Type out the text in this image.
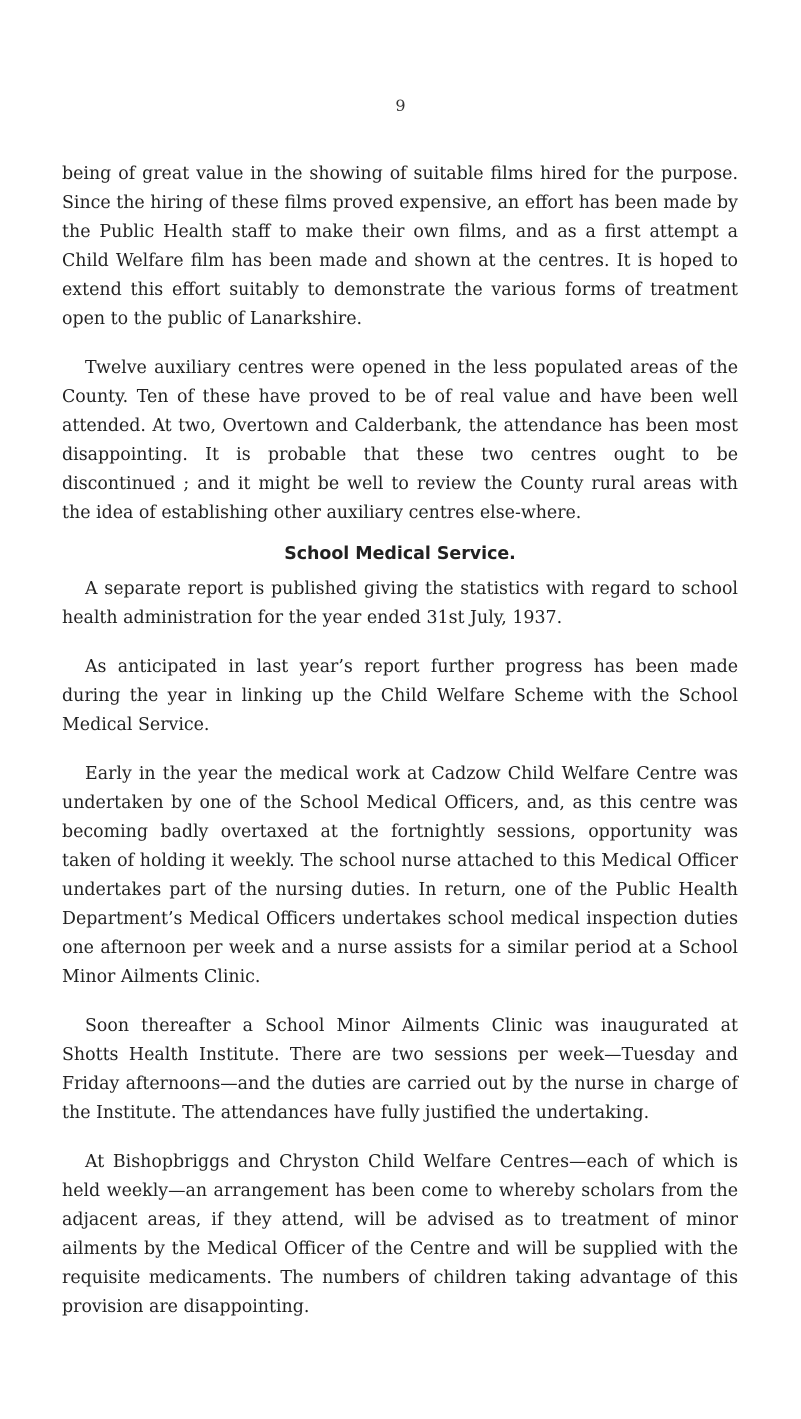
9

being of great value in the showing of suitable films hired for the purpose. Since the hiring of these films proved expensive, an effort has been made by the Public Health staff to make their own films, and as a first attempt a Child Welfare film has been made and shown at the centres. It is hoped to extend this effort suitably to demonstrate the various forms of treatment open to the public of Lanarkshire.

Twelve auxiliary centres were opened in the less populated areas of the County. Ten of these have proved to be of real value and have been well attended. At two, Overtown and Calderbank, the attendance has been most disappointing. It is probable that these two centres ought to be discontinued ; and it might be well to review the County rural areas with the idea of establishing other auxiliary centres else-where.

School Medical Service.

A separate report is published giving the statistics with regard to school health administration for the year ended 31st July, 1937.

As anticipated in last year’s report further progress has been made during the year in linking up the Child Welfare Scheme with the School Medical Service.

Early in the year the medical work at Cadzow Child Welfare Centre was undertaken by one of the School Medical Officers, and, as this centre was becoming badly overtaxed at the fortnightly sessions, opportunity was taken of holding it weekly. The school nurse attached to this Medical Officer undertakes part of the nursing duties. In return, one of the Public Health Department’s Medical Officers undertakes school medical inspection duties one afternoon per week and a nurse assists for a similar period at a School Minor Ailments Clinic.

Soon thereafter a School Minor Ailments Clinic was inaugurated at Shotts Health Institute. There are two sessions per week—Tuesday and Friday afternoons—and the duties are carried out by the nurse in charge of the Institute. The attendances have fully justified the undertaking.

At Bishopbriggs and Chryston Child Welfare Centres—each of which is held weekly—an arrangement has been come to whereby scholars from the adjacent areas, if they attend, will be advised as to treatment of minor ailments by the Medical Officer of the Centre and will be supplied with the requisite medicaments. The numbers of children taking advantage of this provision are disappointing.
